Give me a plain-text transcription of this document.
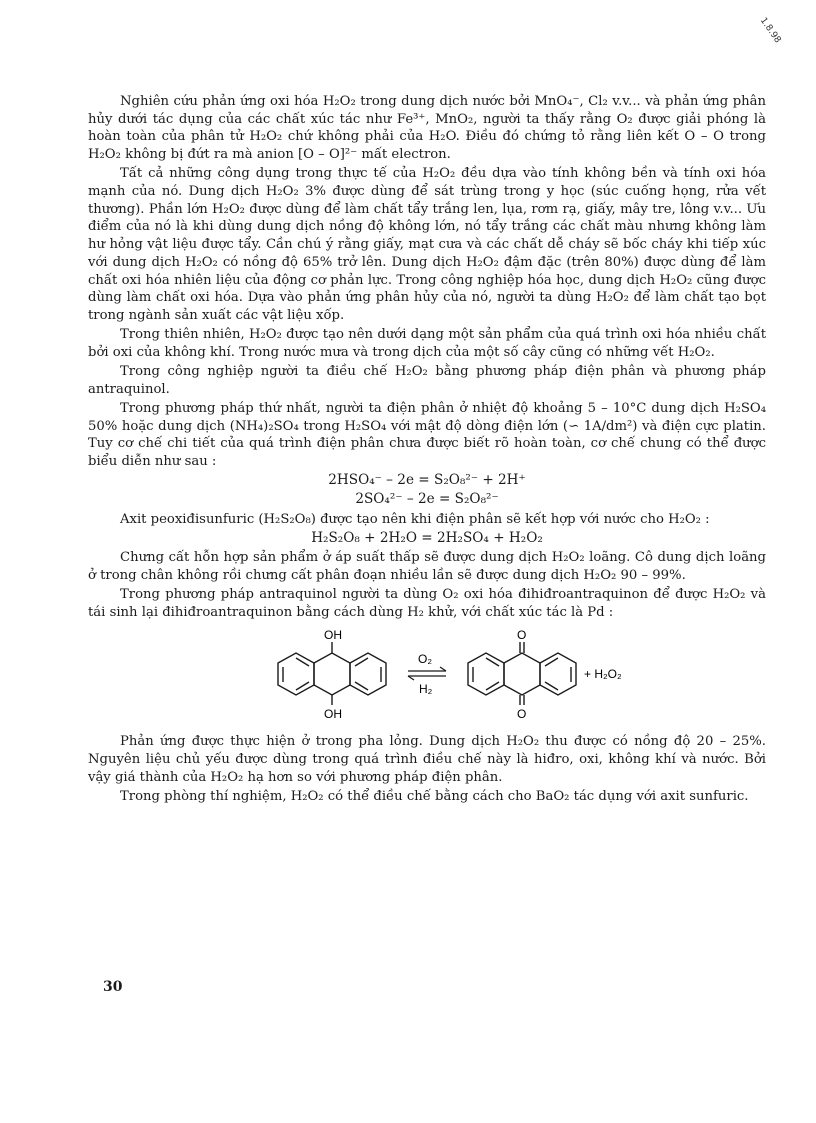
1.8.98

Nghiên cứu phản ứng oxi hóa H₂O₂ trong dung dịch nước bởi MnO₄⁻, Cl₂ v.v... và phản ứng phân hủy dưới tác dụng của các chất xúc tác như Fe³⁺, MnO₂, người ta thấy rằng O₂ được giải phóng là hoàn toàn của phân tử H₂O₂ chứ không phải của H₂O. Điều đó chứng tỏ rằng liên kết O – O trong H₂O₂ không bị đứt ra mà anion [O – O]²⁻ mất electron.

Tất cả những công dụng trong thực tế của H₂O₂ đều dựa vào tính không bền và tính oxi hóa mạnh của nó. Dung dịch H₂O₂ 3% được dùng để sát trùng trong y học (súc cuống họng, rửa vết thương). Phần lớn H₂O₂ được dùng để làm chất tẩy trắng len, lụa, rơm rạ, giấy, mây tre, lông v.v... Ưu điểm của nó là khi dùng dung dịch nồng độ không lớn, nó tẩy trắng các chất màu nhưng không làm hư hỏng vật liệu được tẩy. Cần chú ý rằng giấy, mạt cưa và các chất dễ cháy sẽ bốc cháy khi tiếp xúc với dung dịch H₂O₂ có nồng độ 65% trở lên. Dung dịch H₂O₂ đậm đặc (trên 80%) được dùng để làm chất oxi hóa nhiên liệu của động cơ phản lực. Trong công nghiệp hóa học, dung dịch H₂O₂ cũng được dùng làm chất oxi hóa. Dựa vào phản ứng phân hủy của nó, người ta dùng H₂O₂ để làm chất tạo bọt trong ngành sản xuất các vật liệu xốp.

Trong thiên nhiên, H₂O₂ được tạo nên dưới dạng một sản phẩm của quá trình oxi hóa nhiều chất bởi oxi của không khí. Trong nước mưa và trong dịch của một số cây cũng có những vết H₂O₂.

Trong công nghiệp người ta điều chế H₂O₂ bằng phương pháp điện phân và phương pháp antraquinol.

Trong phương pháp thứ nhất, người ta điện phân ở nhiệt độ khoảng 5 – 10°C dung dịch H₂SO₄ 50% hoặc dung dịch (NH₄)₂SO₄ trong H₂SO₄ với mật độ dòng điện lớn (∽ 1A/dm²) và điện cực platin. Tuy cơ chế chi tiết của quá trình điện phân chưa được biết rõ hoàn toàn, cơ chế chung có thể được biểu diễn như sau :

2HSO₄⁻ – 2e = S₂O₈²⁻ + 2H⁺

2SO₄²⁻ – 2e = S₂O₈²⁻

Axit peoxiđisunfuric (H₂S₂O₈) được tạo nên khi điện phân sẽ kết hợp với nước cho H₂O₂ :

H₂S₂O₈ + 2H₂O = 2H₂SO₄ + H₂O₂

Chưng cất hỗn hợp sản phẩm ở áp suất thấp sẽ được dung dịch H₂O₂ loãng. Cô dung dịch loãng ở trong chân không rồi chưng cất phân đoạn nhiều lần sẽ được dung dịch H₂O₂ 90 – 99%.

Trong phương pháp antraquinol người ta dùng O₂ oxi hóa đihiđroantraquinon để được H₂O₂ và tái sinh lại đihiđroantraquinon bằng cách dùng H₂ khử, với chất xúc tác là Pd :

OH
OH
O₂
H₂
O
O
+ H₂O₂

Phản ứng được thực hiện ở trong pha lỏng. Dung dịch H₂O₂ thu được có nồng độ 20 – 25%. Nguyên liệu chủ yếu được dùng trong quá trình điều chế này là hiđro, oxi, không khí và nước. Bởi vậy giá thành của H₂O₂ hạ hơn so với phương pháp điện phân.

Trong phòng thí nghiệm, H₂O₂ có thể điều chế bằng cách cho BaO₂ tác dụng với axit sunfuric.

30
